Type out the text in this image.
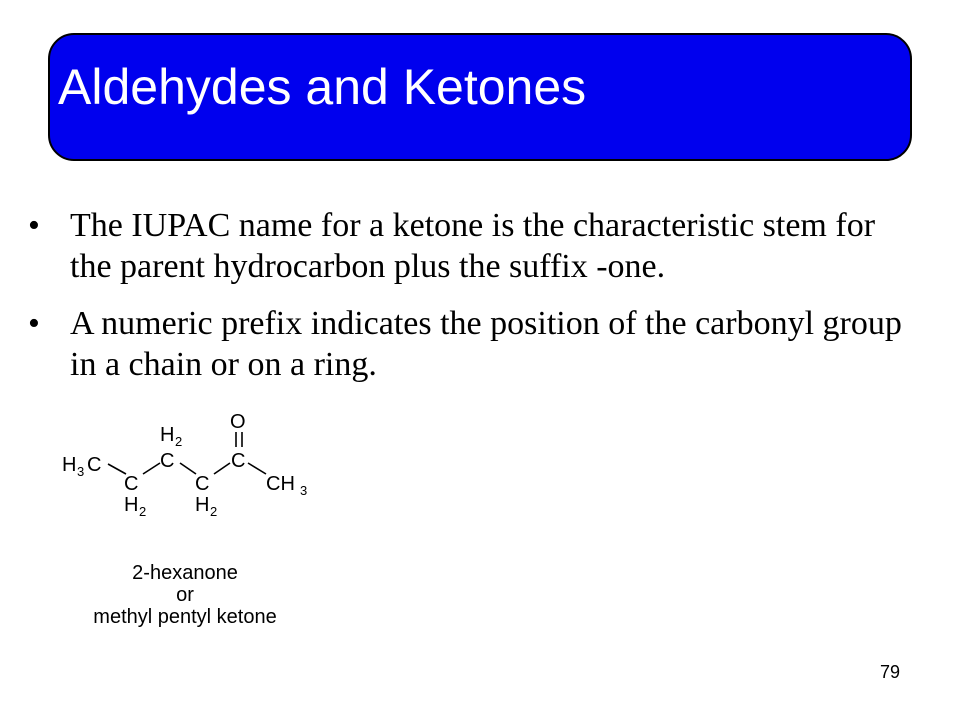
Aldehydes and Ketones
• The IUPAC name for a ketone is the characteristic stem for the parent hydrocarbon plus the suffix -one.
• A numeric prefix indicates the position of the carbonyl group in a chain or on a ring.
H 3 C
C
H 2
C
H 2
C
H 2
C
O
CH 3
2-hexanone
or
methyl pentyl ketone
79
